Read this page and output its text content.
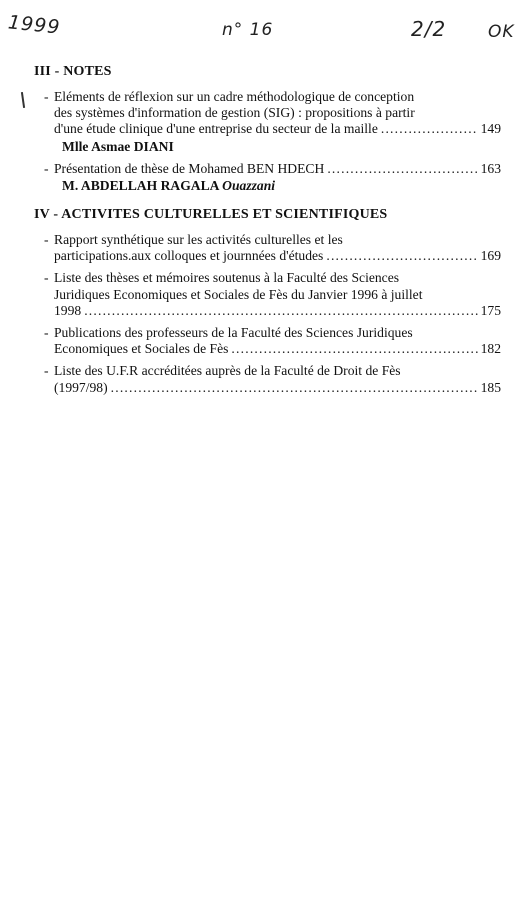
1999	n° 16	2/2 OK
III - NOTES
- Eléments de réflexion sur un cadre méthodologique de conception
des systèmes d'information de gestion (SIG) : propositions à partir
d'une étude clinique d'une entreprise du secteur de la maille .....	149
Mlle Asmae DIANI
- Présentation de thèse de Mohamed BEN HDECH .....	163
M. ABDELLAH RAGALA Ouazzani
IV - ACTIVITES CULTURELLES ET SCIENTIFIQUES
- Rapport synthétique sur les activités culturelles et les
participations.aux colloques et journnées d'études .....	169
- Liste des thèses et mémoires soutenus à la Faculté des Sciences
Juridiques Economiques et Sociales de Fès du Janvier 1996 à juillet
1998 .....	175
- Publications des professeurs de la Faculté des Sciences Juridiques
Economiques et Sociales de Fès .....	182
- Liste des U.F.R accréditées auprès de la Faculté de Droit de Fès
(1997/98) .....	185
